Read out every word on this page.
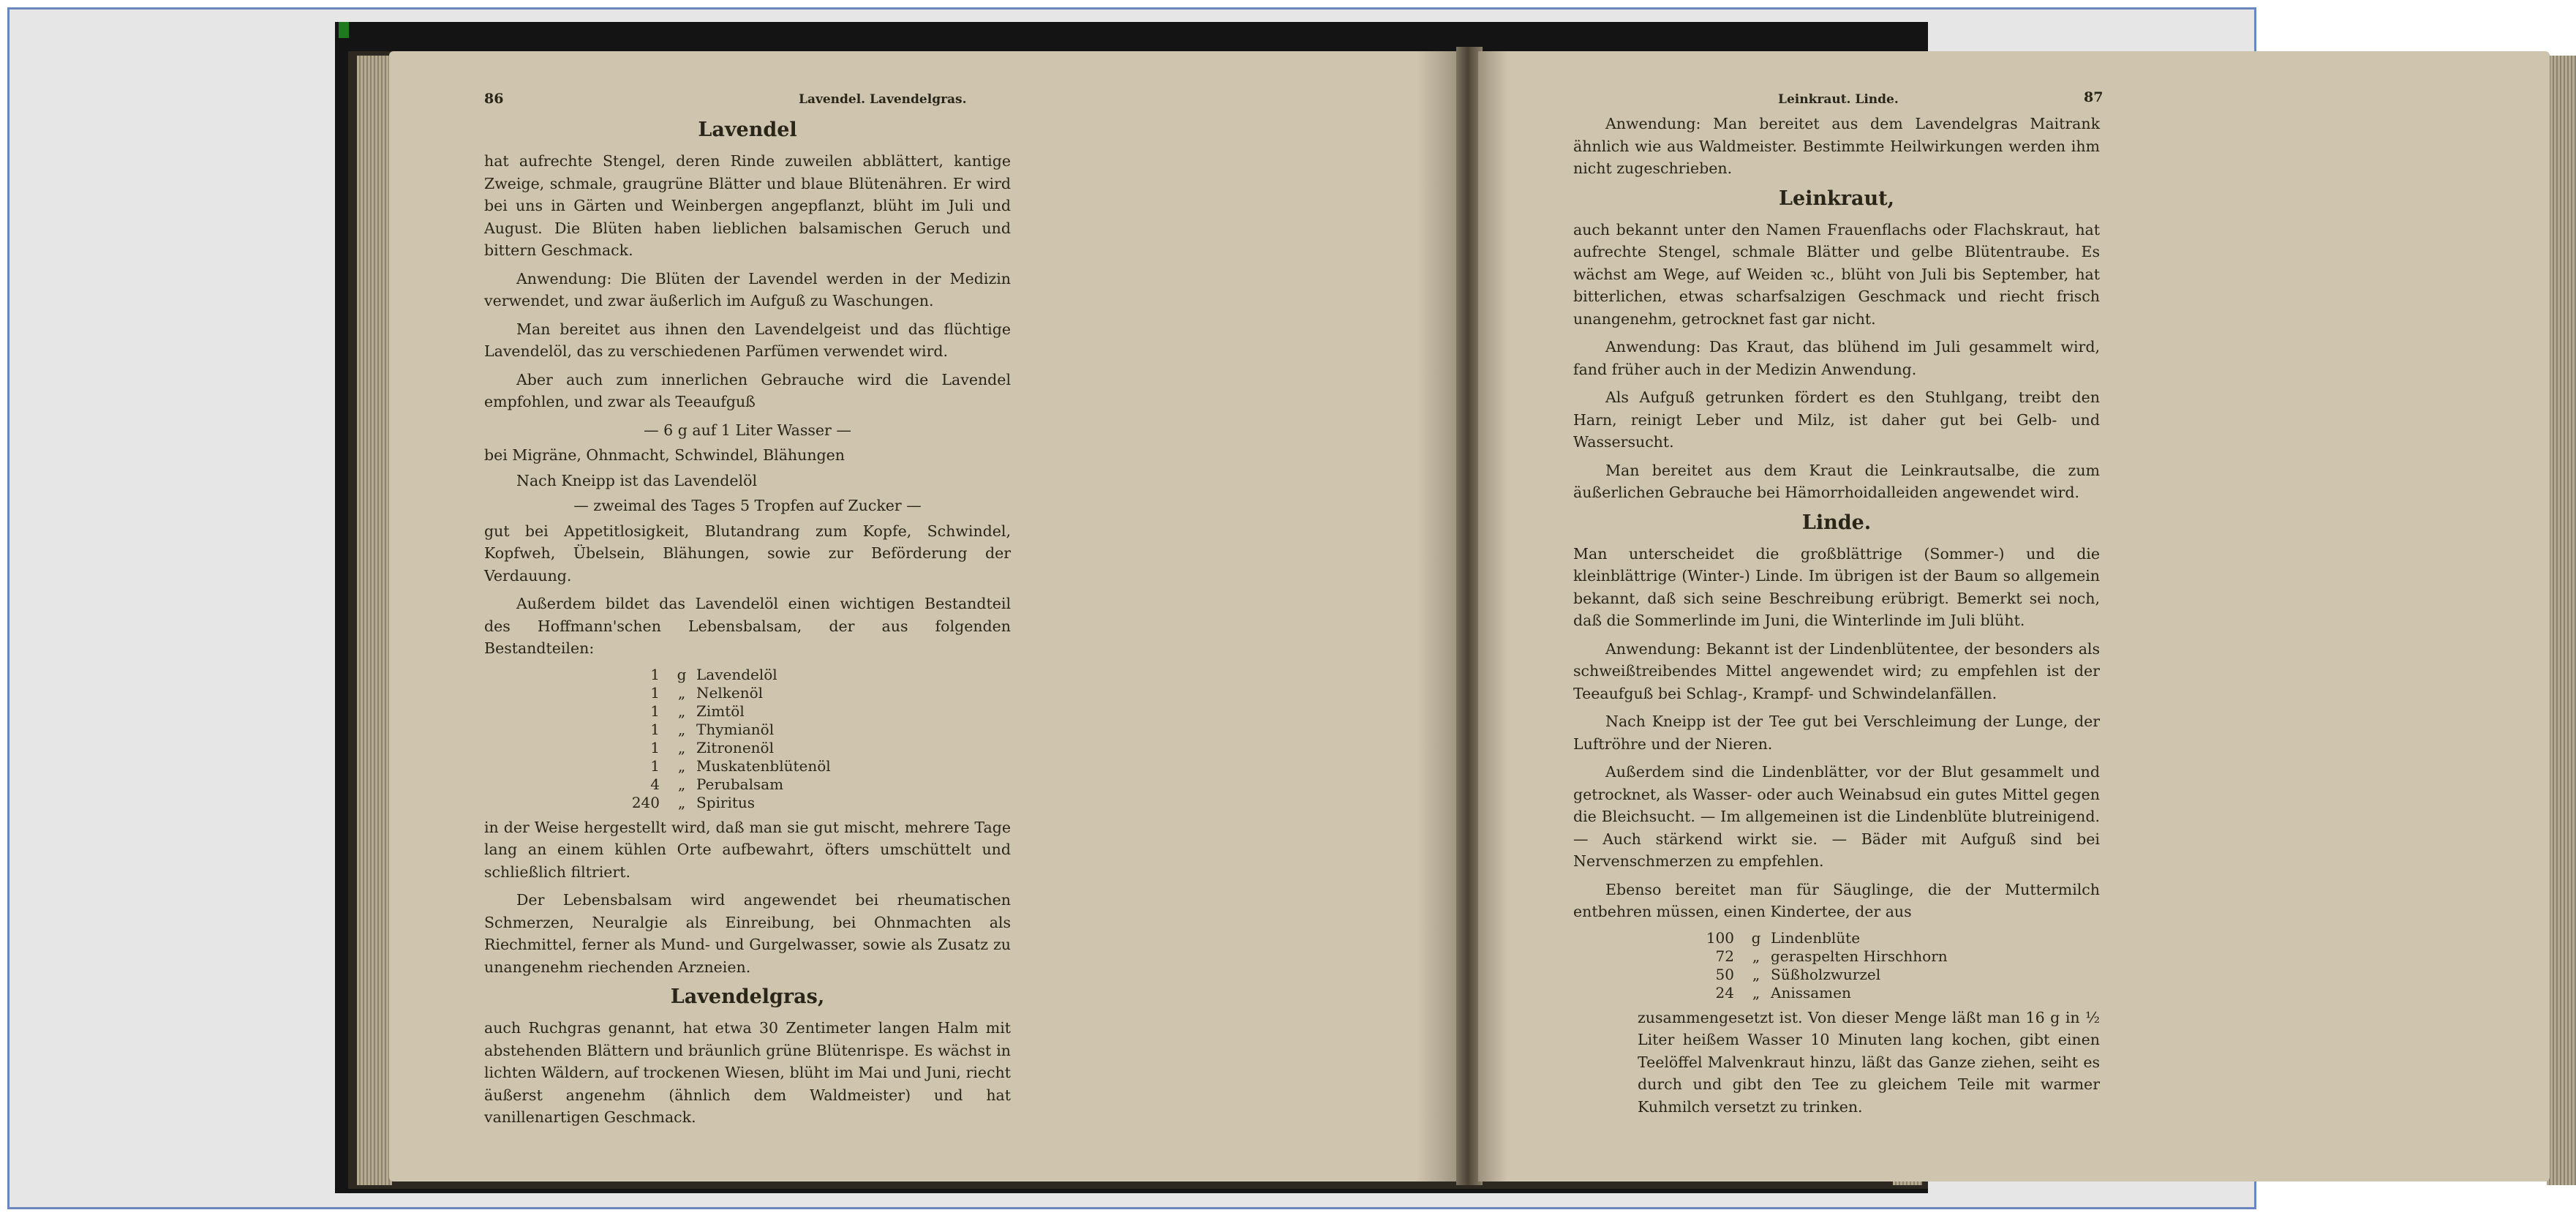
86	Lavendel. Lavendelgras.
Lavendel

hat aufrechte Stengel, deren Rinde zuweilen abblättert, kantige Zweige, schmale, graugrüne Blätter und blaue Blütenähren. Er wird bei uns in Gärten und Weinbergen angepflanzt, blüht im Juli und August. Die Blüten haben lieblichen balsamischen Geruch und bittern Geschmack.

Anwendung: Die Blüten der Lavendel werden in der Medizin verwendet, und zwar äußerlich im Aufguß zu Waschungen.

Man bereitet aus ihnen den Lavendelgeist und das flüchtige Lavendelöl, das zu verschiedenen Parfümen verwendet wird.

Aber auch zum innerlichen Gebrauche wird die Lavendel empfohlen, und zwar als Teeaufguß

— 6 g auf 1 Liter Wasser —
bei Migräne, Ohnmacht, Schwindel, Blähungen
Nach Kneipp ist das Lavendelöl
— zweimal des Tages 5 Tropfen auf Zucker —

gut bei Appetitlosigkeit, Blutandrang zum Kopfe, Schwindel, Kopfweh, Übelsein, Blähungen, sowie zur Beförderung der Verdauung.

Außerdem bildet das Lavendelöl einen wichtigen Bestandteil des Hoffmann'schen Lebensbalsam, der aus folgenden Bestandteilen:

1	g Lavendelöl
1	„ Nelkenöl
1	„ Zimtöl
1	„ Thymianöl
1	„ Zitronenöl
1	„ Muskatenblütenöl
4	„ Perubalsam
240	„ Spiritus

in der Weise hergestellt wird, daß man sie gut mischt, mehrere Tage lang an einem kühlen Orte aufbewahrt, öfters umschüttelt und schließlich filtriert.

Der Lebensbalsam wird angewendet bei rheumatischen Schmerzen, Neuralgie als Einreibung, bei Ohnmachten als Riechmittel, ferner als Mund- und Gurgelwasser, sowie als Zusatz zu unangenehm riechenden Arzneien.

Lavendelgras,

auch Ruchgras genannt, hat etwa 30 Zentimeter langen Halm mit abstehenden Blättern und bräunlich grüne Blütenrispe. Es wächst in lichten Wäldern, auf trockenen Wiesen, blüht im Mai und Juni, riecht äußerst angenehm (ähnlich dem Waldmeister) und hat vanillenartigen Geschmack.

Leinkraut. Linde.	87

Anwendung: Man bereitet aus dem Lavendelgras Maitrank ähnlich wie aus Waldmeister. Bestimmte Heilwirkungen werden ihm nicht zugeschrieben.

Leinkraut,

auch bekannt unter den Namen Frauenflachs oder Flachskraut, hat aufrechte Stengel, schmale Blätter und gelbe Blütentraube. Es wächst am Wege, auf Weiden ꝛc., blüht von Juli bis September, hat bitterlichen, etwas scharfsalzigen Geschmack und riecht frisch unangenehm, getrocknet fast gar nicht.

Anwendung: Das Kraut, das blühend im Juli gesammelt wird, fand früher auch in der Medizin Anwendung.

Als Aufguß getrunken fördert es den Stuhlgang, treibt den Harn, reinigt Leber und Milz, ist daher gut bei Gelb- und Wassersucht.

Man bereitet aus dem Kraut die Leinkrautsalbe, die zum äußerlichen Gebrauche bei Hämorrhoidalleiden angewendet wird.

Linde.

Man unterscheidet die großblättrige (Sommer-) und die kleinblättrige (Winter-) Linde. Im übrigen ist der Baum so allgemein bekannt, daß sich seine Beschreibung erübrigt. Bemerkt sei noch, daß die Sommerlinde im Juni, die Winterlinde im Juli blüht.

Anwendung: Bekannt ist der Lindenblütentee, der besonders als schweißtreibendes Mittel angewendet wird; zu empfehlen ist der Teeaufguß bei Schlag-, Krampf- und Schwindelanfällen.

Nach Kneipp ist der Tee gut bei Verschleimung der Lunge, der Luftröhre und der Nieren.

Außerdem sind die Lindenblätter, vor der Blut gesammelt und getrocknet, als Wasser- oder auch Weinabsud ein gutes Mittel gegen die Bleichsucht. — Im allgemeinen ist die Lindenblüte blutreinigend. — Auch stärkend wirkt sie. — Bäder mit Aufguß sind bei Nervenschmerzen zu empfehlen.

Ebenso bereitet man für Säuglinge, die der Muttermilch entbehren müssen, einen Kindertee, der aus

100	g Lindenblüte
72	„ geraspelten Hirschhorn
50	„ Süßholzwurzel
24	„ Anissamen

zusammengesetzt ist. Von dieser Menge läßt man 16 g in ½ Liter heißem Wasser 10 Minuten lang kochen, gibt einen Teelöffel Malvenkraut hinzu, läßt das Ganze ziehen, seiht es durch und gibt den Tee zu gleichem Teile mit warmer Kuhmilch versetzt zu trinken.
